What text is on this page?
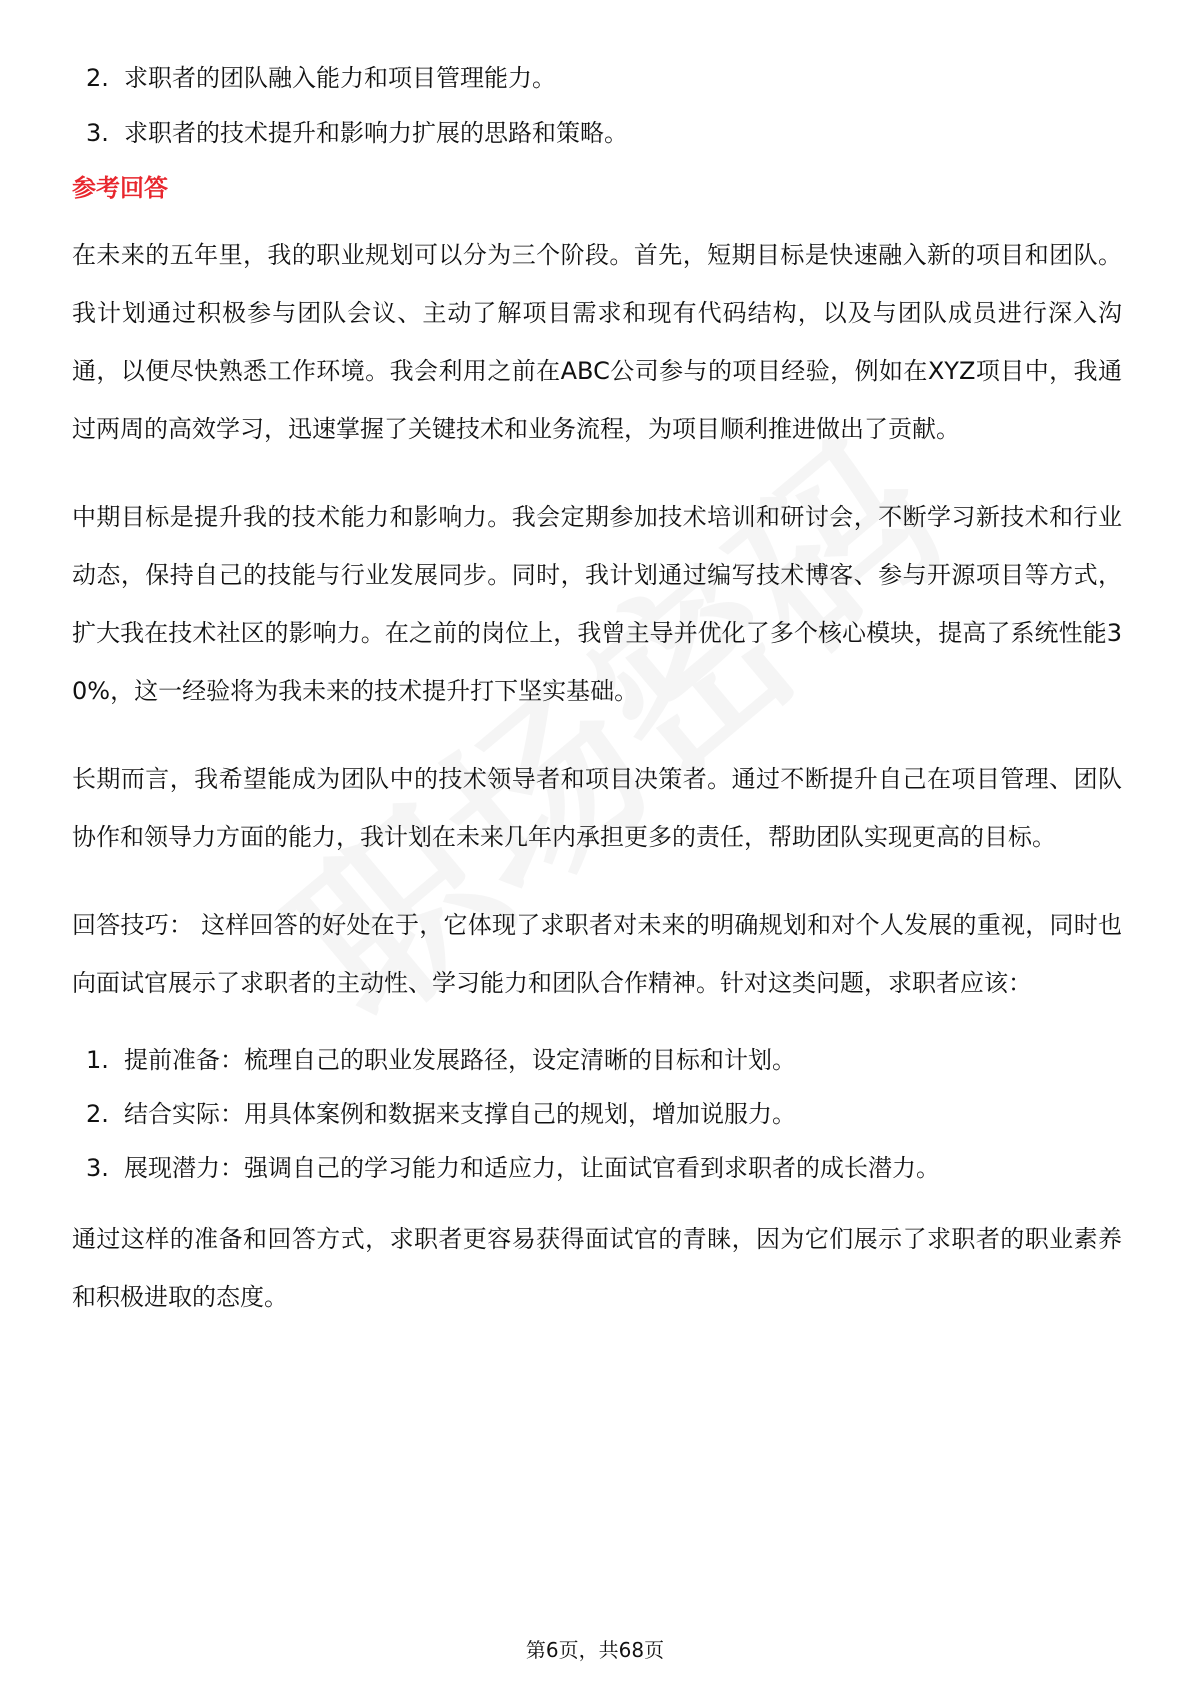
2. 求职者的团队融入能力和项目管理能力。
3. 求职者的技术提升和影响力扩展的思路和策略。
参考回答

在未来的五年里，我的职业规划可以分为三个阶段。首先，短期目标是快速融入新的项目和团队。我计划通过积极参与团队会议、主动了解项目需求和现有代码结构，以及与团队成员进行深入沟通，以便尽快熟悉工作环境。我会利用之前在ABC公司参与的项目经验，例如在XYZ项目中，我通过两周的高效学习，迅速掌握了关键技术和业务流程，为项目顺利推进做出了贡献。

中期目标是提升我的技术能力和影响力。我会定期参加技术培训和研讨会，不断学习新技术和行业动态，保持自己的技能与行业发展同步。同时，我计划通过编写技术博客、参与开源项目等方式，扩大我在技术社区的影响力。在之前的岗位上，我曾主导并优化了多个核心模块，提高了系统性能30%，这一经验将为我未来的技术提升打下坚实基础。

长期而言，我希望能成为团队中的技术领导者和项目决策者。通过不断提升自己在项目管理、团队协作和领导力方面的能力，我计划在未来几年内承担更多的责任，帮助团队实现更高的目标。

回答技巧： 这样回答的好处在于，它体现了求职者对未来的明确规划和对个人发展的重视，同时也向面试官展示了求职者的主动性、学习能力和团队合作精神。针对这类问题，求职者应该：

1. 提前准备：梳理自己的职业发展路径，设定清晰的目标和计划。
2. 结合实际：用具体案例和数据来支撑自己的规划，增加说服力。
3. 展现潜力：强调自己的学习能力和适应力，让面试官看到求职者的成长潜力。

通过这样的准备和回答方式，求职者更容易获得面试官的青睐，因为它们展示了求职者的职业素养和积极进取的态度。

第6页，共68页
